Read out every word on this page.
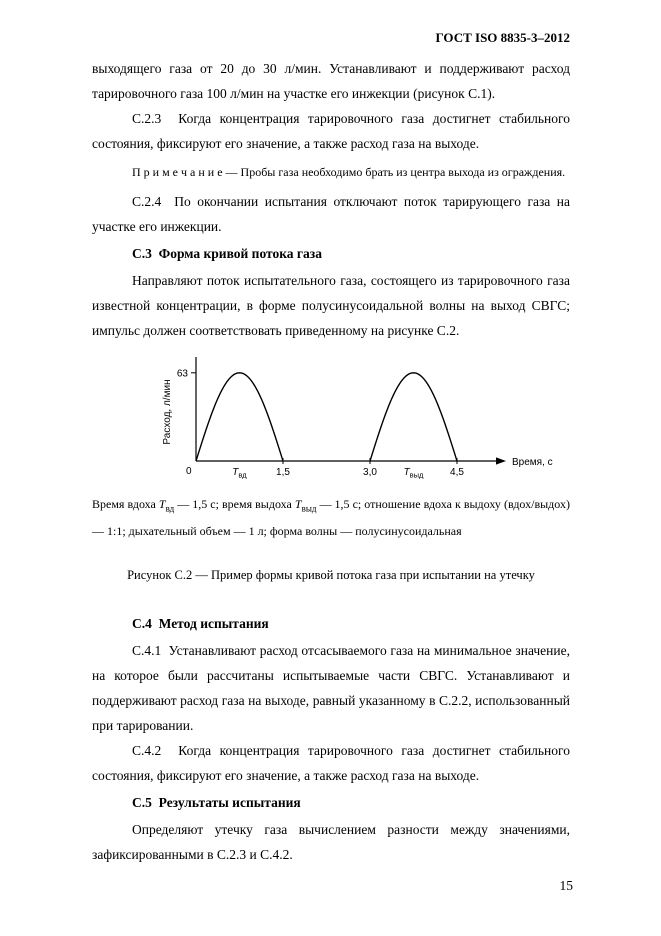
ГОСТ ISO 8835-3–2012

выходящего газа от 20 до 30 л/мин. Устанавливают и поддерживают расход тарировочного газа 100 л/мин на участке его инжекции (рисунок С.1).

С.2.3  Когда концентрация тарировочного газа достигнет стабильного состояния, фиксируют его значение, а также расход газа на выходе.

П р и м е ч а н и е — Пробы газа необходимо брать из центра выхода из ограждения.

С.2.4  По окончании испытания отключают поток тарирующего газа на участке его инжекции.

С.3  Форма кривой потока газа

Направляют поток испытательного газа, состоящего из тарировочного газа известной концентрации, в форме полусинусоидальной волны на выход СВГС; импульс должен соответствовать приведенному на рисунке С.2.

63
0	$Т_{вд}$	1,5	3,0	$Т_{выд}$	4,5
Время, с
Расход, л/мин

Время вдоха $Т_{вд}$ — 1,5 с; время выдоха $Т_{выд}$ — 1,5 с; отношение вдоха к выдоху (вдох/выдох) — 1:1; дыхательный объем — 1 л; форма волны — полусинусоидальная

Рисунок С.2 — Пример формы кривой потока газа при испытании на утечку

С.4  Метод испытания

С.4.1  Устанавливают расход отсасываемого газа на минимальное значение, на которое были рассчитаны испытываемые части СВГС. Устанавливают и поддерживают расход газа на выходе, равный указанному в С.2.2, использованный при тарировании.

С.4.2  Когда концентрация тарировочного газа достигнет стабильного состояния, фиксируют его значение, а также расход газа на выходе.

С.5  Результаты испытания

Определяют утечку газа вычислением разности между значениями, зафиксированными в С.2.3 и С.4.2.

15
